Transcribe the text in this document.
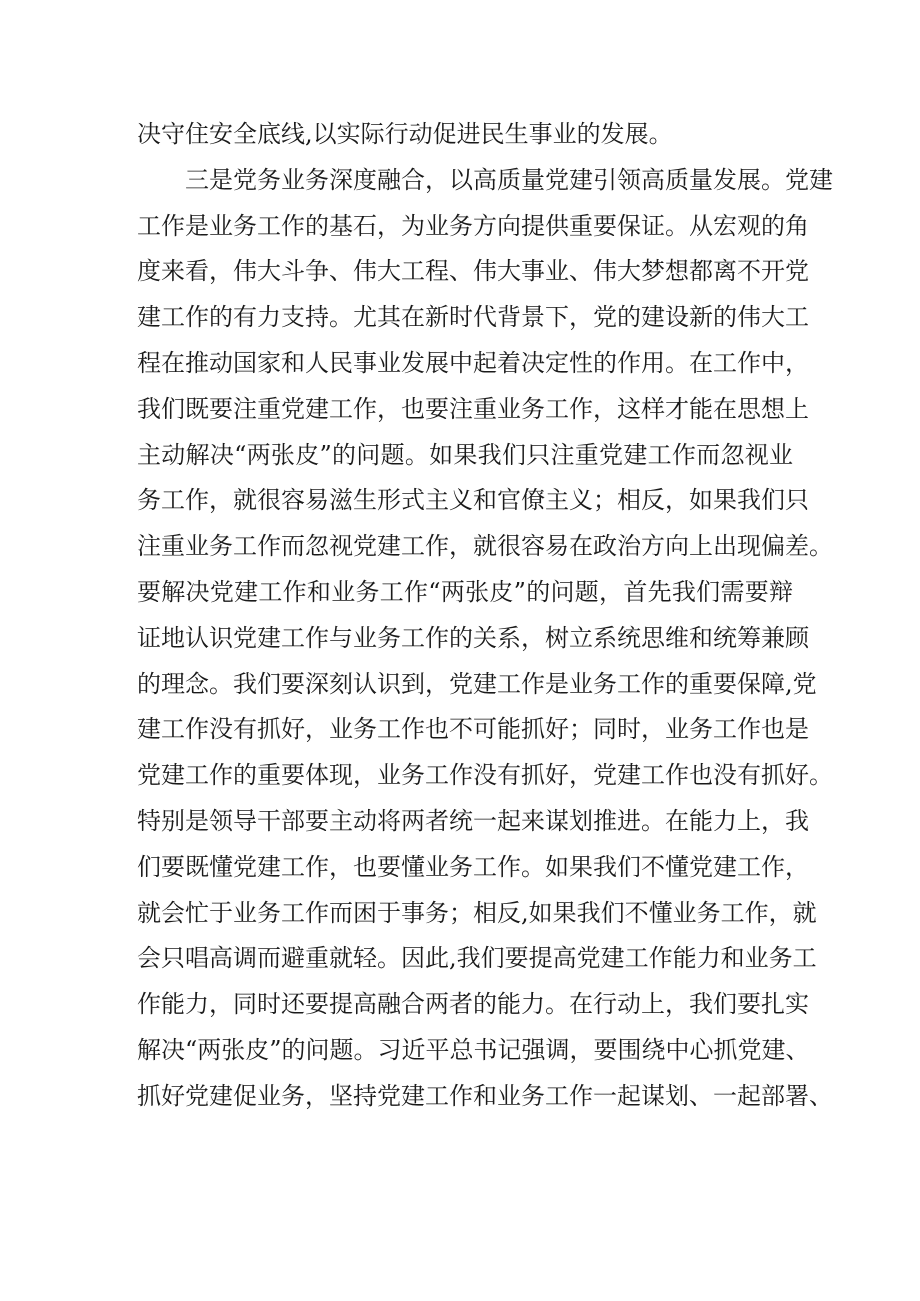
决守住安全底线,以实际行动促进民生事业的发展。
三是党务业务深度融合，以高质量党建引领高质量发展。党建
工作是业务工作的基石，为业务方向提供重要保证。从宏观的角
度来看，伟大斗争、伟大工程、伟大事业、伟大梦想都离不开党
建工作的有力支持。尤其在新时代背景下，党的建设新的伟大工
程在推动国家和人民事业发展中起着决定性的作用。在工作中，
我们既要注重党建工作，也要注重业务工作，这样才能在思想上
主动解决“两张皮”的问题。如果我们只注重党建工作而忽视业
务工作，就很容易滋生形式主义和官僚主义；相反，如果我们只
注重业务工作而忽视党建工作，就很容易在政治方向上出现偏差。
要解决党建工作和业务工作“两张皮”的问题，首先我们需要辩
证地认识党建工作与业务工作的关系，树立系统思维和统筹兼顾
的理念。我们要深刻认识到，党建工作是业务工作的重要保障,党
建工作没有抓好，业务工作也不可能抓好；同时，业务工作也是
党建工作的重要体现，业务工作没有抓好，党建工作也没有抓好。
特别是领导干部要主动将两者统一起来谋划推进。在能力上，我
们要既懂党建工作，也要懂业务工作。如果我们不懂党建工作，
就会忙于业务工作而困于事务；相反,如果我们不懂业务工作，就
会只唱高调而避重就轻。因此,我们要提高党建工作能力和业务工
作能力，同时还要提高融合两者的能力。在行动上，我们要扎实
解决“两张皮”的问题。习近平总书记强调，要围绕中心抓党建、
抓好党建促业务，坚持党建工作和业务工作一起谋划、一起部署、
